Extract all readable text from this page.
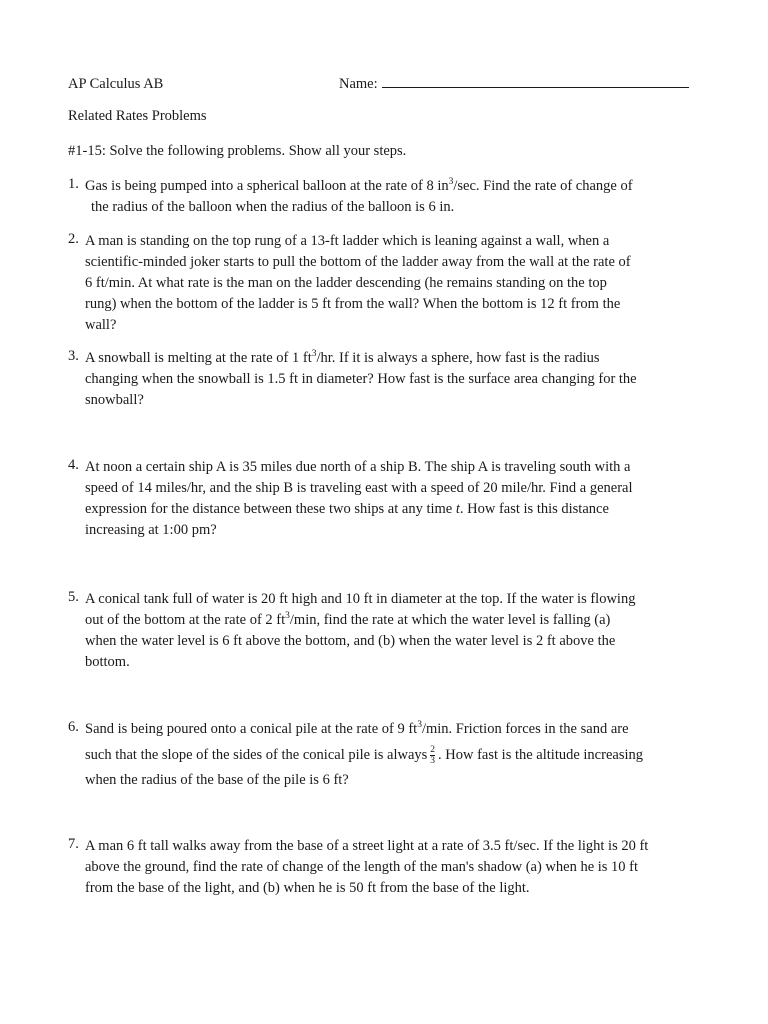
AP Calculus AB	Name:
Related Rates Problems
#1-15: Solve the following problems. Show all your steps.
1. Gas is being pumped into a spherical balloon at the rate of 8 $in^3/\sec$. Find the rate of change of
the radius of the balloon when the radius of the balloon is 6 in.
2. A man is standing on the top rung of a 13-ft ladder which is leaning against a wall, when a
scientific-minded joker starts to pull the bottom of the ladder away from the wall at the rate of
6 ft/min. At what rate is the man on the ladder descending (he remains standing on the top
rung) when the bottom of the ladder is 5 ft from the wall? When the bottom is 12 ft from the
wall?
3. A snowball is melting at the rate of 1 $ft^3/hr$. If it is always a sphere, how fast is the radius
changing when the snowball is 1.5 ft in diameter? How fast is the surface area changing for the
snowball?
4. At noon a certain ship A is 35 miles due north of a ship B. The ship A is traveling south with a
speed of 14 miles/hr, and the ship B is traveling east with a speed of 20 mile/hr. Find a general
expression for the distance between these two ships at any time t. How fast is this distance
increasing at 1:00 pm?
5. A conical tank full of water is 20 ft high and 10 ft in diameter at the top. If the water is flowing
out of the bottom at the rate of 2 $ft^3/\min$, find the rate at which the water level is falling (a)
when the water level is 6 ft above the bottom, and (b) when the water level is 2 ft above the
bottom.
6. Sand is being poured onto a conical pile at the rate of 9 $ft^3/\min$. Friction forces in the sand are
such that the slope of the sides of the conical pile is always $\frac{2}{3}$ . How fast is the altitude increasing
when the radius of the base of the pile is 6 ft?
7. A man 6 ft tall walks away from the base of a street light at a rate of 3.5 ft/sec. If the light is 20 ft
above the ground, find the rate of change of the length of the man's shadow (a) when he is 10 ft
from the base of the light, and (b) when he is 50 ft from the base of the light.
